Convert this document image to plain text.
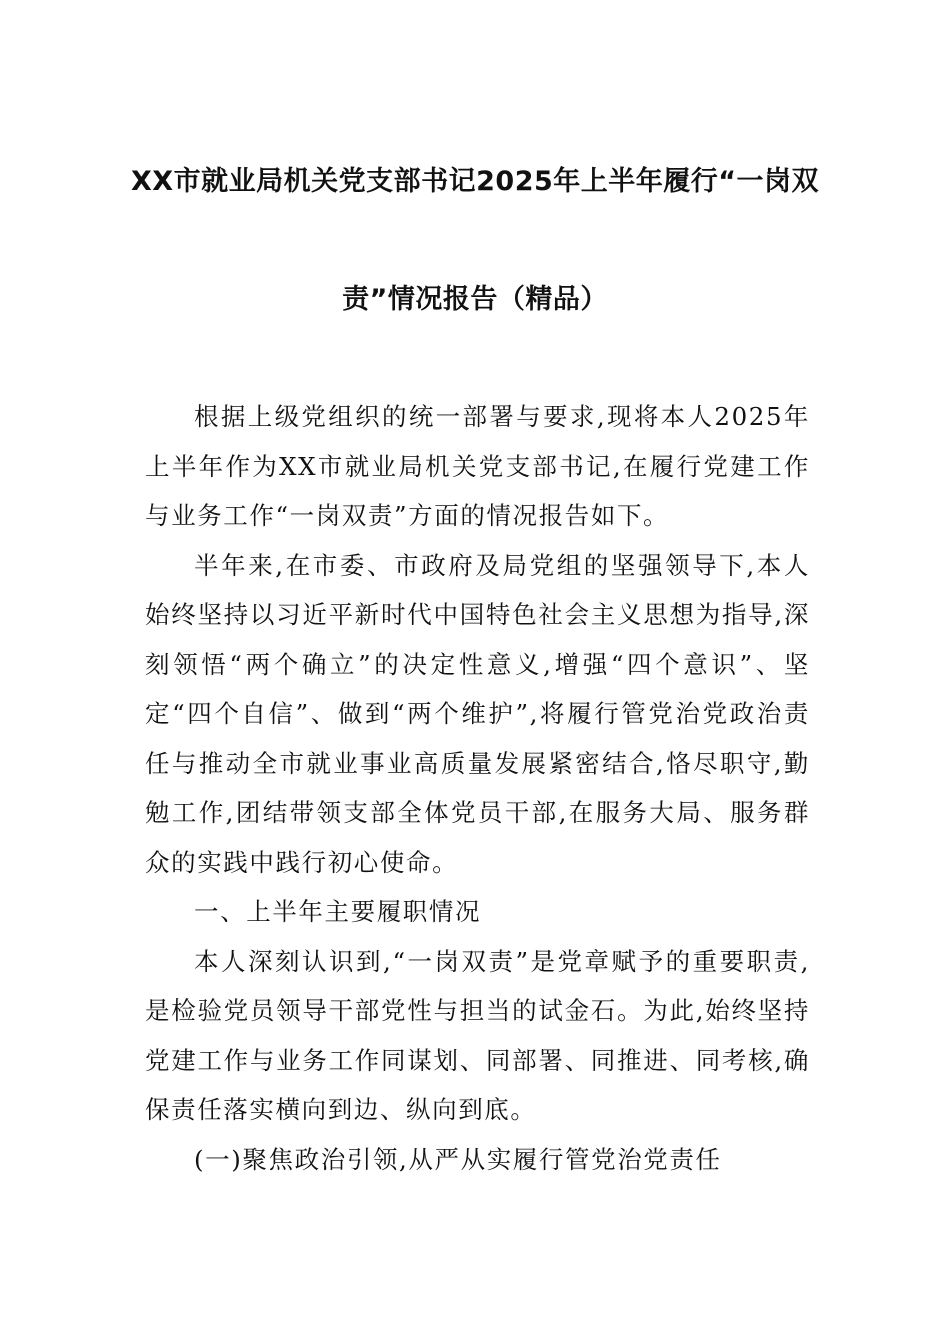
XX市就业局机关党支部书记2025年上半年履行“一岗双
责”情况报告（精品）

根据上级党组织的统一部署与要求,现将本人2025年上半年作为XX市就业局机关党支部书记,在履行党建工作与业务工作“一岗双责”方面的情况报告如下。

半年来,在市委、市政府及局党组的坚强领导下,本人始终坚持以习近平新时代中国特色社会主义思想为指导,深刻领悟“两个确立”的决定性意义,增强“四个意识”、坚定“四个自信”、做到“两个维护”,将履行管党治党政治责任与推动全市就业事业高质量发展紧密结合,恪尽职守,勤勉工作,团结带领支部全体党员干部,在服务大局、服务群众的实践中践行初心使命。

一、上半年主要履职情况

本人深刻认识到,“一岗双责”是党章赋予的重要职责,是检验党员领导干部党性与担当的试金石。为此,始终坚持党建工作与业务工作同谋划、同部署、同推进、同考核,确保责任落实横向到边、纵向到底。

(一)聚焦政治引领,从严从实履行管党治党责任
